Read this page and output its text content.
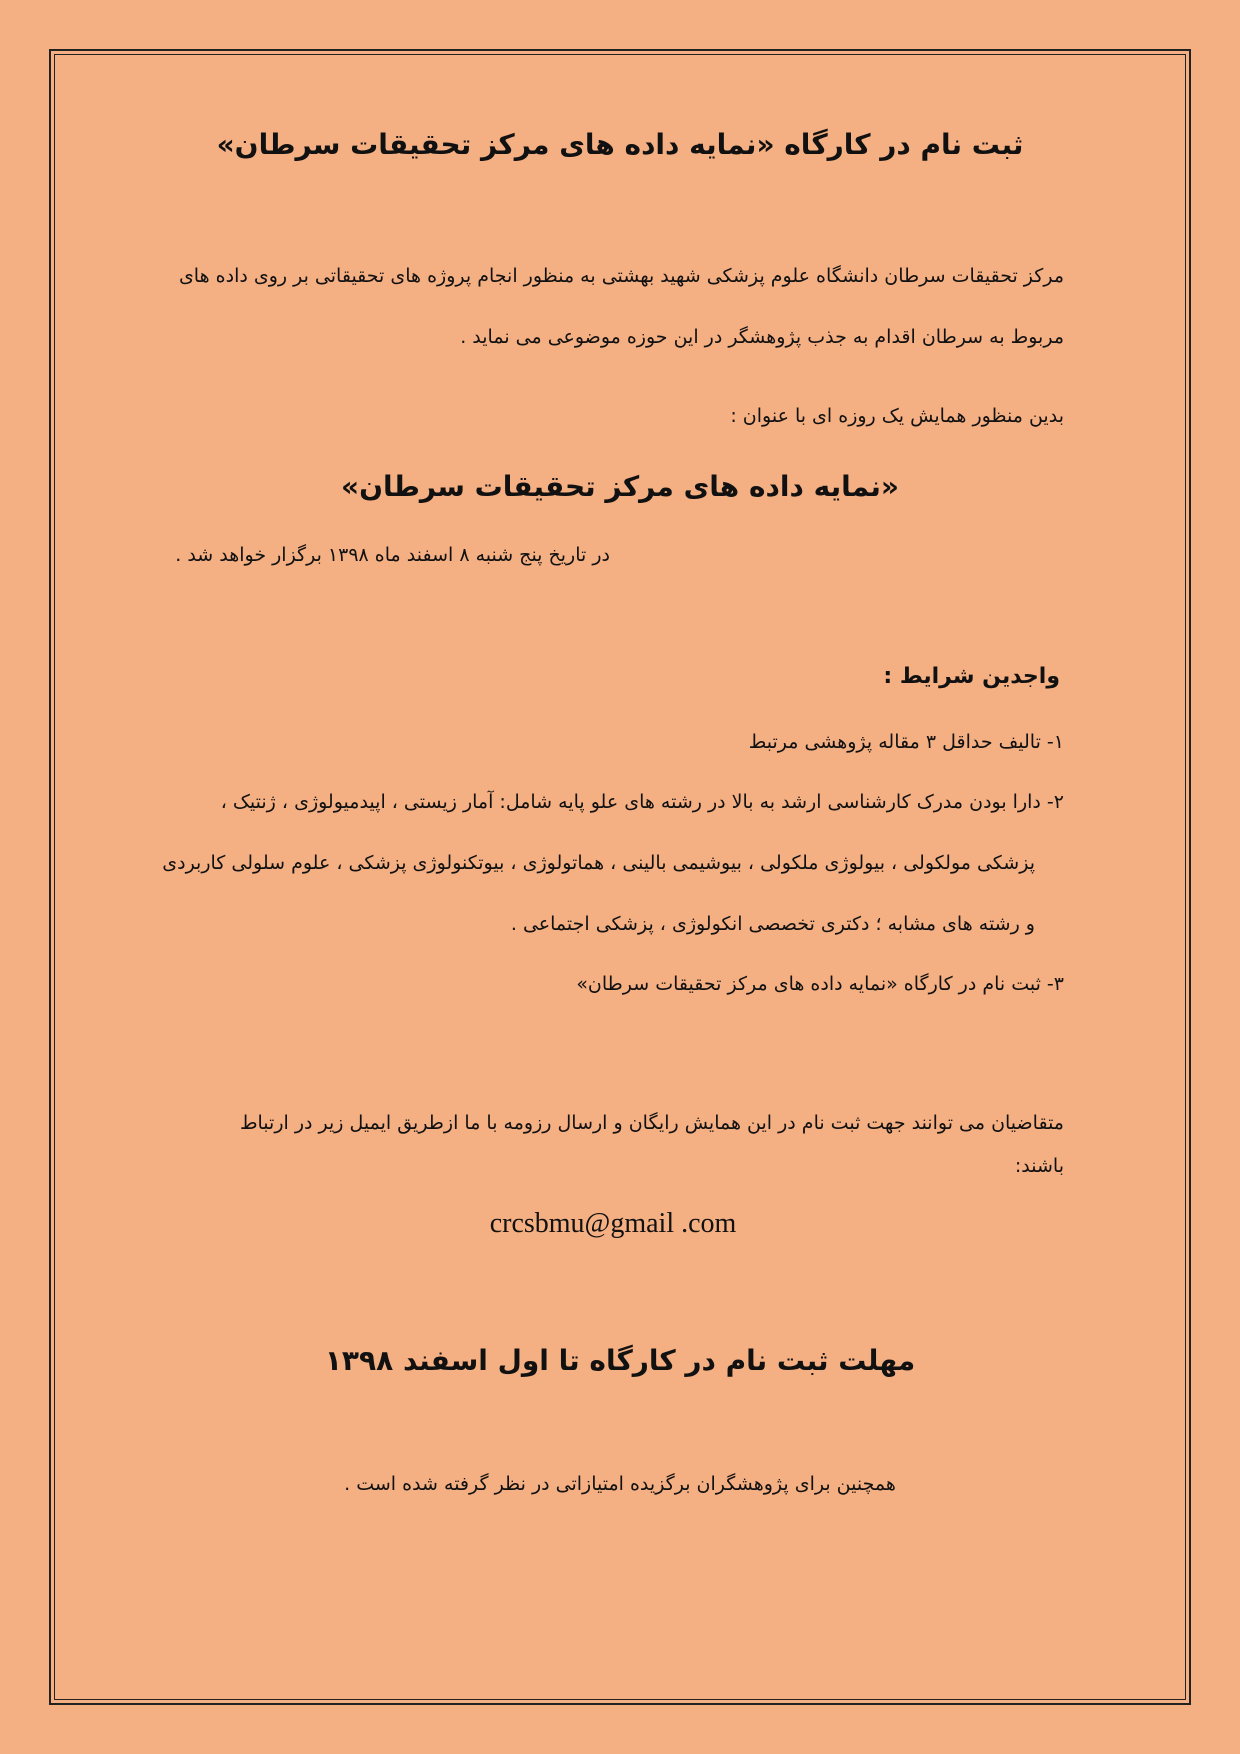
ثبت نام در کارگاه «نمایه داده های مرکز تحقیقات سرطان»

مرکز تحقیقات سرطان دانشگاه علوم پزشکی شهید بهشتی به منظور انجام پروژه های تحقیقاتی بر روی داده های

مربوط به سرطان اقدام به جذب پژوهشگر در این حوزه موضوعی می نماید .

بدین منظور همایش یک روزه ای با عنوان :

«نمایه داده های مرکز تحقیقات سرطان»

در تاریخ پنج شنبه ۸ اسفند ماه ۱۳۹۸ برگزار خواهد شد .

واجدین شرایط :

۱- تالیف حداقل ۳ مقاله پژوهشی مرتبط

۲- دارا بودن مدرک کارشناسی ارشد به بالا در رشته های علو پایه شامل: آمار زیستی ، اپیدمیولوژی ، ژنتیک ،

پزشکی مولکولی ، بیولوژی ملکولی ، بیوشیمی بالینی ، هماتولوژی ، بیوتکنولوژی پزشکی ، علوم سلولی کاربردی

و رشته های مشابه ؛ دکتری تخصصی انکولوژی ، پزشکی اجتماعی .

۳- ثبت نام در کارگاه «نمایه داده های مرکز تحقیقات سرطان»

متقاضیان می توانند جهت ثبت نام در این همایش رایگان و ارسال رزومه با ما ازطریق ایمیل زیر در ارتباط

باشند:

crcsbmu@gmail .com
مهلت ثبت نام در کارگاه تا اول اسفند ۱۳۹۸

همچنین برای پژوهشگران برگزیده امتیازاتی در نظر گرفته شده است .
